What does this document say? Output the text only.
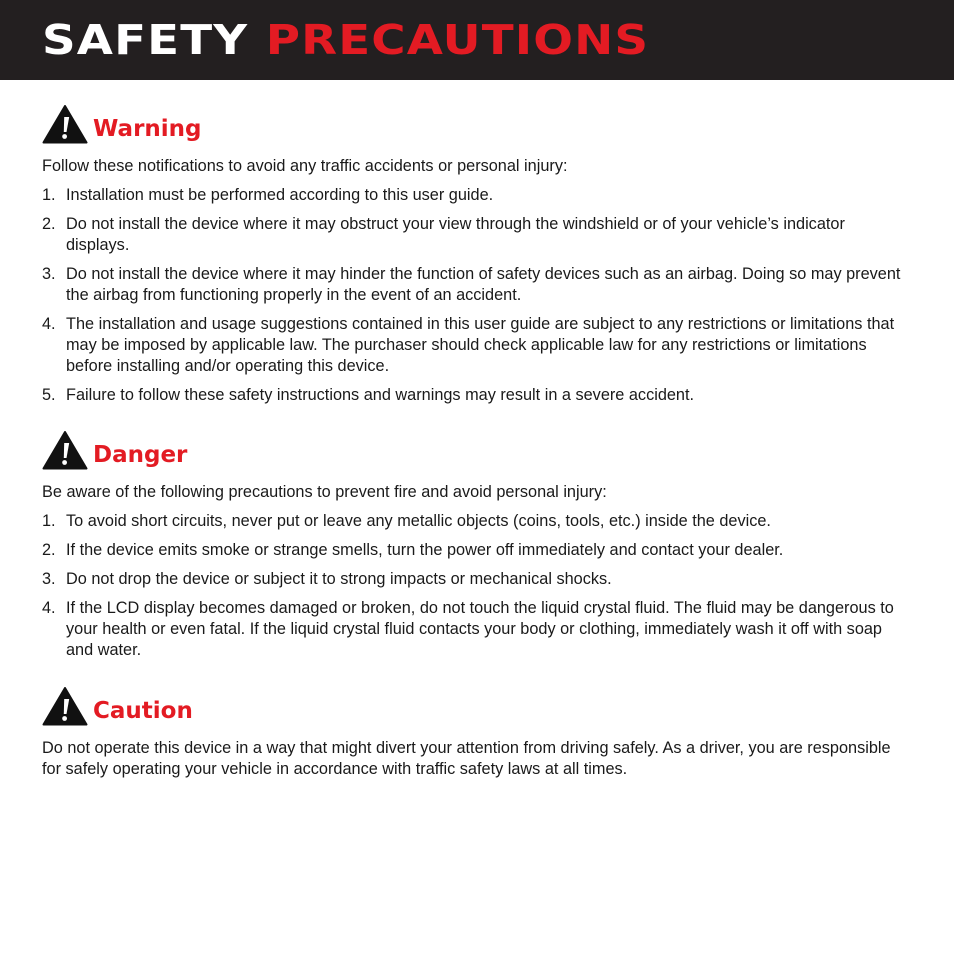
SAFETY PRECAUTIONS
Warning

Follow these notifications to avoid any traffic accidents or personal injury:

1. Installation must be performed according to this user guide.
2. Do not install the device where it may obstruct your view through the windshield or of your vehicle’s indicator displays.
3. Do not install the device where it may hinder the function of safety devices such as an airbag. Doing so may prevent the airbag from functioning properly in the event of an accident.
4. The installation and usage suggestions contained in this user guide are subject to any restrictions or limitations that may be imposed by applicable law. The purchaser should check applicable law for any restrictions or limitations before installing and/or operating this device.
5. Failure to follow these safety instructions and warnings may result in a severe accident.
Danger

Be aware of the following precautions to prevent fire and avoid personal injury:

1. To avoid short circuits, never put or leave any metallic objects (coins, tools, etc.) inside the device.
2. If the device emits smoke or strange smells, turn the power off immediately and contact your dealer.
3. Do not drop the device or subject it to strong impacts or mechanical shocks.
4. If the LCD display becomes damaged or broken, do not touch the liquid crystal fluid. The fluid may be dangerous to your health or even fatal. If the liquid crystal fluid contacts your body or clothing, immediately wash it off with soap and water.
Caution

Do not operate this device in a way that might divert your attention from driving safely. As a driver, you are responsible for safely operating your vehicle in accordance with traffic safety laws at all times.
